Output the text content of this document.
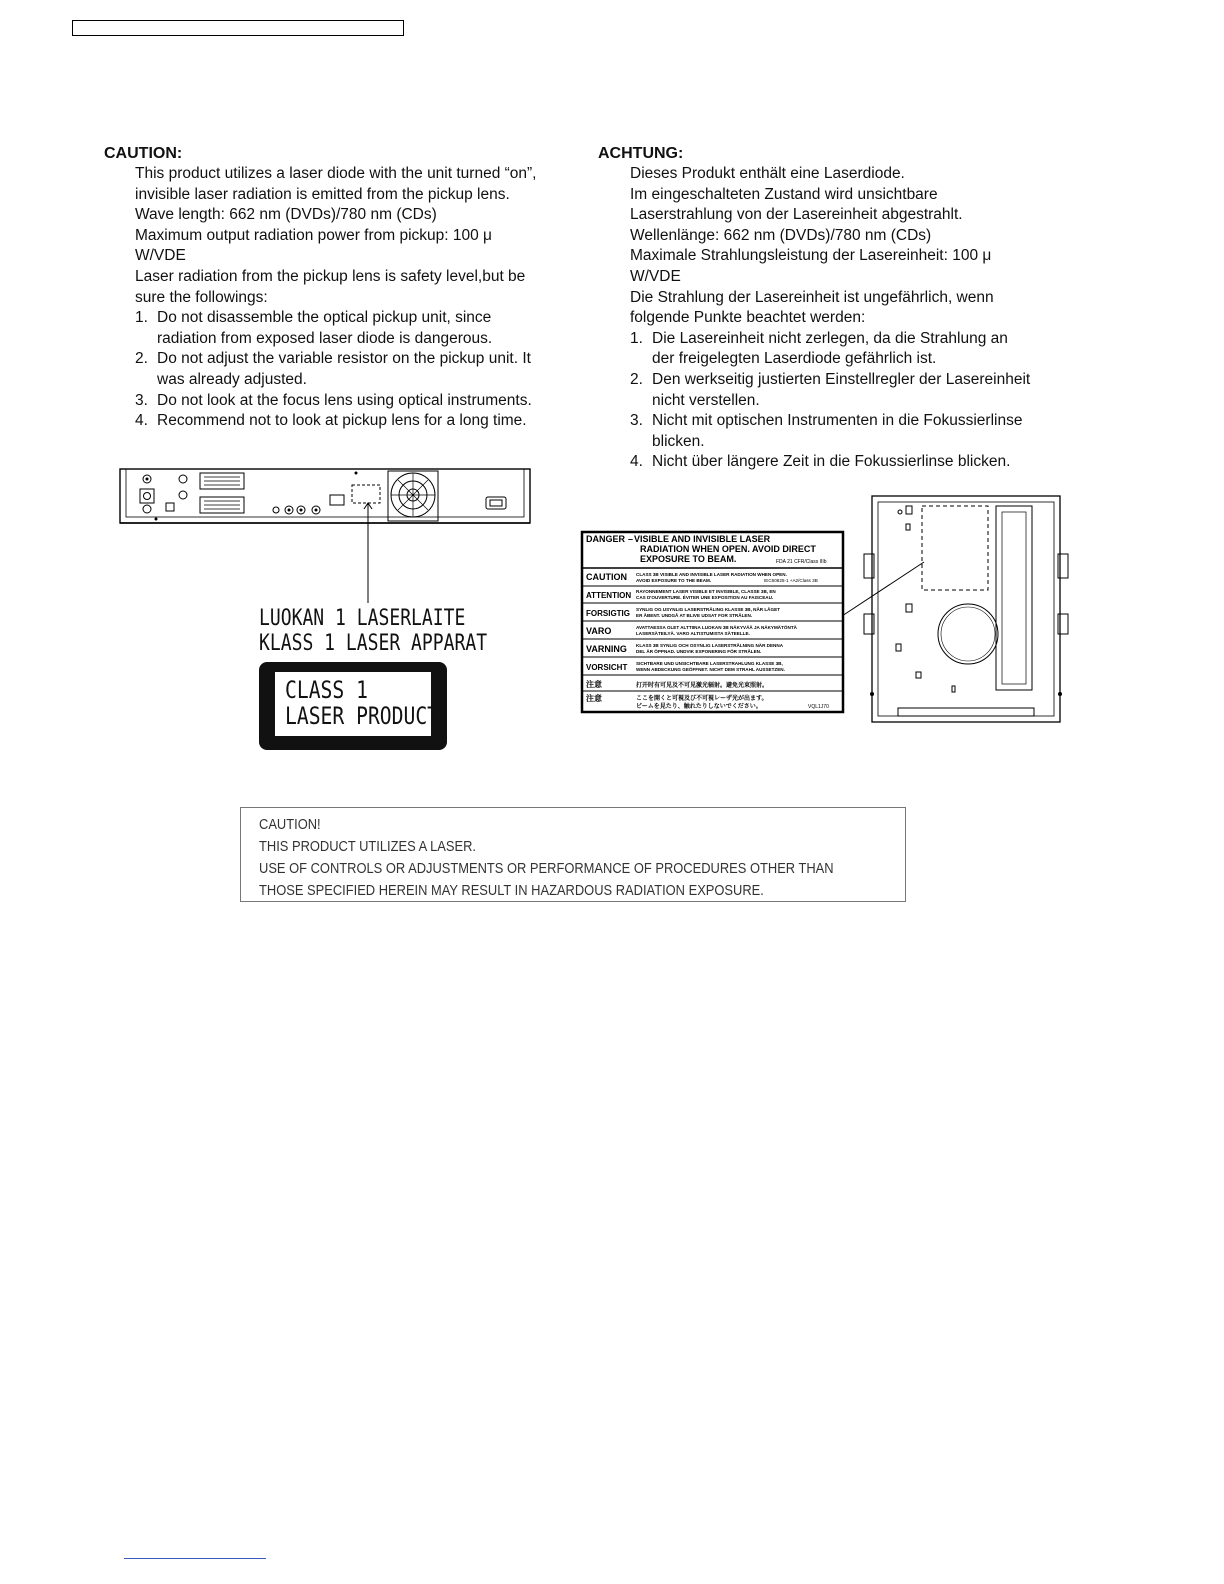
CAUTION:

This product utilizes a laser diode with the unit turned “on”,

invisible laser radiation is emitted from the pickup lens.

Wave length: 662 nm (DVDs)/780 nm (CDs)

Maximum output radiation power from pickup: 100 μ

W/VDE

Laser radiation from the pickup lens is safety level,but be

sure the followings:

1. Do not disassemble the optical pickup unit, since
radiation from exposed laser diode is dangerous.
2. Do not adjust the variable resistor on the pickup unit. It
was already adjusted.
3. Do not look at the focus lens using optical instruments.
4. Recommend not to look at pickup lens for a long time.
ACHTUNG:

Dieses Produkt enthält eine Laserdiode.

Im eingeschalteten Zustand wird unsichtbare

Laserstrahlung von der Lasereinheit abgestrahlt.

Wellenlänge: 662 nm (DVDs)/780 nm (CDs)

Maximale Strahlungsleistung der Lasereinheit: 100 μ

W/VDE

Die Strahlung der Lasereinheit ist ungefährlich, wenn

folgende Punkte beachtet werden:

1. Die Lasereinheit nicht zerlegen, da die Strahlung an
der freigelegten Laserdiode gefährlich ist.
2. Den werkseitig justierten Einstellregler der Lasereinheit
nicht verstellen.
3. Nicht mit optischen Instrumenten in die Fokussierlinse
blicken.
4. Nicht über längere Zeit in die Fokussierlinse blicken.
LUOKAN 1 LASERLAITE
KLASS 1 LASER APPARAT
CLASS 1
LASER PRODUCT
DANGER VISIBLE AND INVISIBLE LASER
RADIATION WHEN OPEN. AVOID DIRECT
EXPOSURE TO BEAM.	FDA 21 CFR/Class IIIb
CAUTION CLASS 3B VISIBLE AND INVISIBLE LASER RADIATION WHEN OPEN.
AVOID EXPOSURE TO THE BEAM.	IEC60825-1 +A2/Class 3B
ATTENTION RAYONNEMENT LASER VISIBLE ET INVISIBLE, CLASSE 3B, EN
CAS D'OUVERTURE. ÉVITER UNE EXPOSITION AU FAISCEAU.
FORSIGTIG SYNLIG OG USYNLIG LASERSTRÅLING KLASSE 3B, NÅR LÅGET
ER ÅBENT. UNDGÅ AT BLIVE UDSAT FOR STRÅLEN.
VARO	AVATTAESSA OLET ALTTIINA LUOKAN 3B NÄKYVÄÄ JA NÄKYMÄTÖNTÄ
LASERSÄTEILYÄ. VARO ALTISTUMISTA SÄTEELLE.
VARNING KLASS 3B SYNLIG OCH OSYNLIG LASERSTRÅLNING NÄR DENNA
DEL ÄR ÖPPNAD. UNDVIK EXPONERING FÖR STRÅLEN.
VORSICHT SICHTBARE UND UNSICHTBARE LASERSTRAHLUNG KLASSE 3B,
WENN ABDECKUNG GEÖFFNET. NICHT DEM STRAHL AUSSETZEN.
注意	打开时有可见及不可见激光辐射。避免光束照射。
注意	ここを開くと可視及び不可視レーザ光が出ます。
ビームを見たり、触れたりしないでください。	VQL1J70
–
CAUTION!
THIS PRODUCT UTILIZES A LASER.
USE OF CONTROLS OR ADJUSTMENTS OR PERFORMANCE OF PROCEDURES OTHER THAN
THOSE SPECIFIED HEREIN MAY RESULT IN HAZARDOUS RADIATION EXPOSURE.
